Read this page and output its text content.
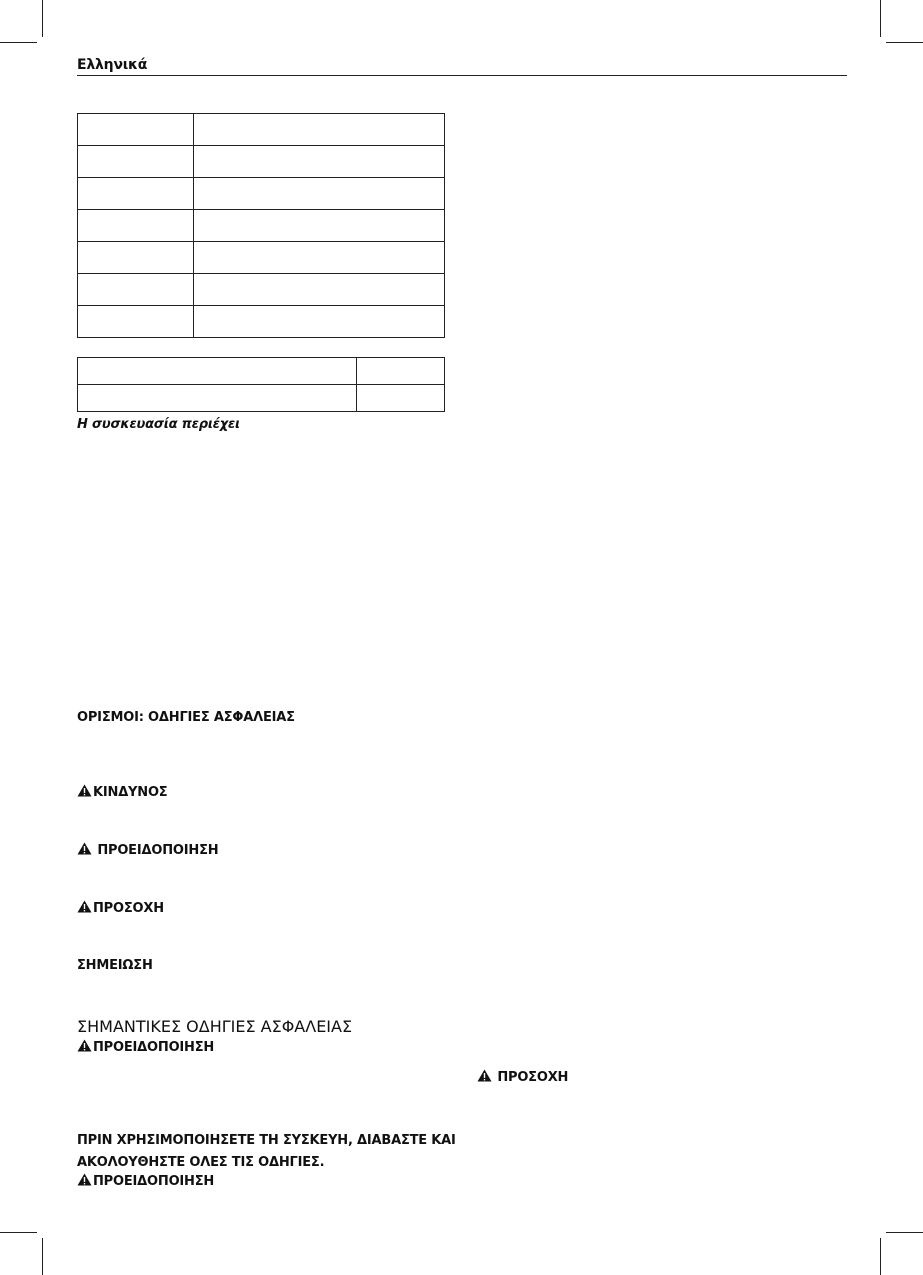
Ελληνικά

Η συσκευασία περιέχει
ΟΡΙΣΜΟΙ: ΟΔΗΓΙΕΣ ΑΣΦΑΛΕΙΑΣ
ΚΙΝΔΥΝΟΣ
ΠΡΟΕΙΔΟΠΟΙΗΣΗ
ΠΡΟΣΟΧΗ
ΣΗΜΕΙΩΣΗ
ΣΗΜΑΝΤΙΚΕΣ ΟΔΗΓΙΕΣ ΑΣΦΑΛΕΙΑΣ
ΠΡΟΕΙΔΟΠΟΙΗΣΗ
ΠΡΙΝ ΧΡΗΣΙΜΟΠΟΙΗΣΕΤΕ ΤΗ ΣΥΣΚΕΥΗ, ΔΙΑΒΑΣΤΕ ΚΑΙ
ΑΚΟΛΟΥΘΗΣΤΕ ΟΛΕΣ ΤΙΣ ΟΔΗΓΙΕΣ.
ΠΡΟΕΙΔΟΠΟΙΗΣΗ
ΠΡΟΣΟΧΗ
